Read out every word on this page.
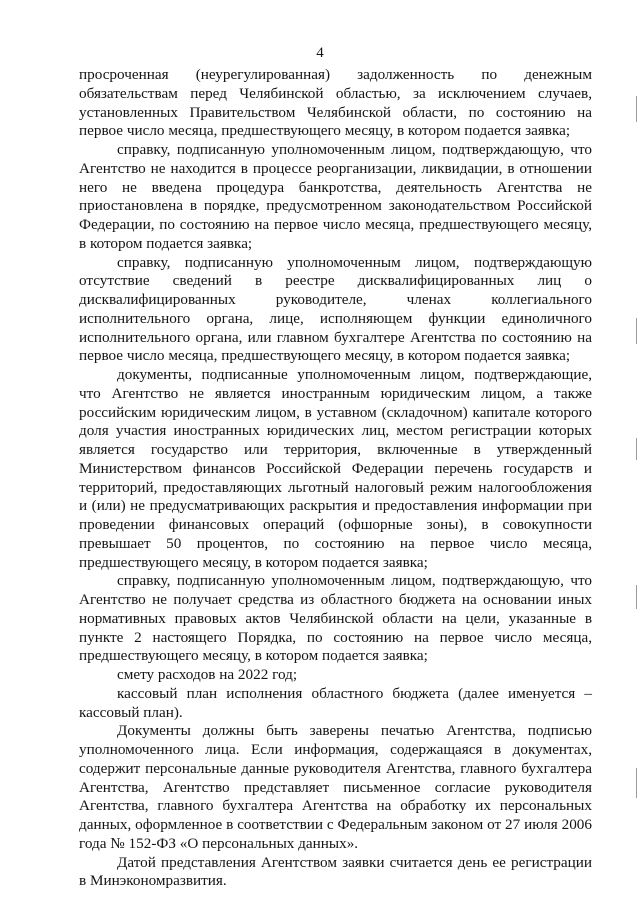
4

просроченная (неурегулированная) задолженность по денежным обязательствам перед Челябинской областью, за исключением случаев, установленных Правительством Челябинской области, по состоянию на первое число месяца, предшествующего месяцу, в котором подается заявка;

справку, подписанную уполномоченным лицом, подтверждающую, что Агентство не находится в процессе реорганизации, ликвидации, в отношении него не введена процедура банкротства, деятельность Агентства не приостановлена в порядке, предусмотренном законодательством Российской Федерации, по состоянию на первое число месяца, предшествующего месяцу, в котором подается заявка;

справку, подписанную уполномоченным лицом, подтверждающую отсутствие сведений в реестре дисквалифицированных лиц о дисквалифицированных руководителе, членах коллегиального исполнительного органа, лице, исполняющем функции единоличного исполнительного органа, или главном бухгалтере Агентства по состоянию на первое число месяца, предшествующего месяцу, в котором подается заявка;

документы, подписанные уполномоченным лицом, подтверждающие, что Агентство не является иностранным юридическим лицом, а также российским юридическим лицом, в уставном (складочном) капитале которого доля участия иностранных юридических лиц, местом регистрации которых является государство или территория, включенные в утвержденный Министерством финансов Российской Федерации перечень государств и территорий, предоставляющих льготный налоговый режим налогообложения и (или) не предусматривающих раскрытия и предоставления информации при проведении финансовых операций (офшорные зоны), в совокупности превышает 50 процентов, по состоянию на первое число месяца, предшествующего месяцу, в котором подается заявка;

справку, подписанную уполномоченным лицом, подтверждающую, что Агентство не получает средства из областного бюджета на основании иных нормативных правовых актов Челябинской области на цели, указанные в пункте 2 настоящего Порядка, по состоянию на первое число месяца, предшествующего месяцу, в котором подается заявка;

смету расходов на 2022 год;

кассовый план исполнения областного бюджета (далее именуется – кассовый план).

Документы должны быть заверены печатью Агентства, подписью уполномоченного лица. Если информация, содержащаяся в документах, содержит персональные данные руководителя Агентства, главного бухгалтера Агентства, Агентство представляет письменное согласие руководителя Агентства, главного бухгалтера Агентства на обработку их персональных данных, оформленное в соответствии с Федеральным законом от 27 июля 2006 года № 152-ФЗ «О персональных данных».

Датой представления Агентством заявки считается день ее регистрации в Минэкономразвития.
